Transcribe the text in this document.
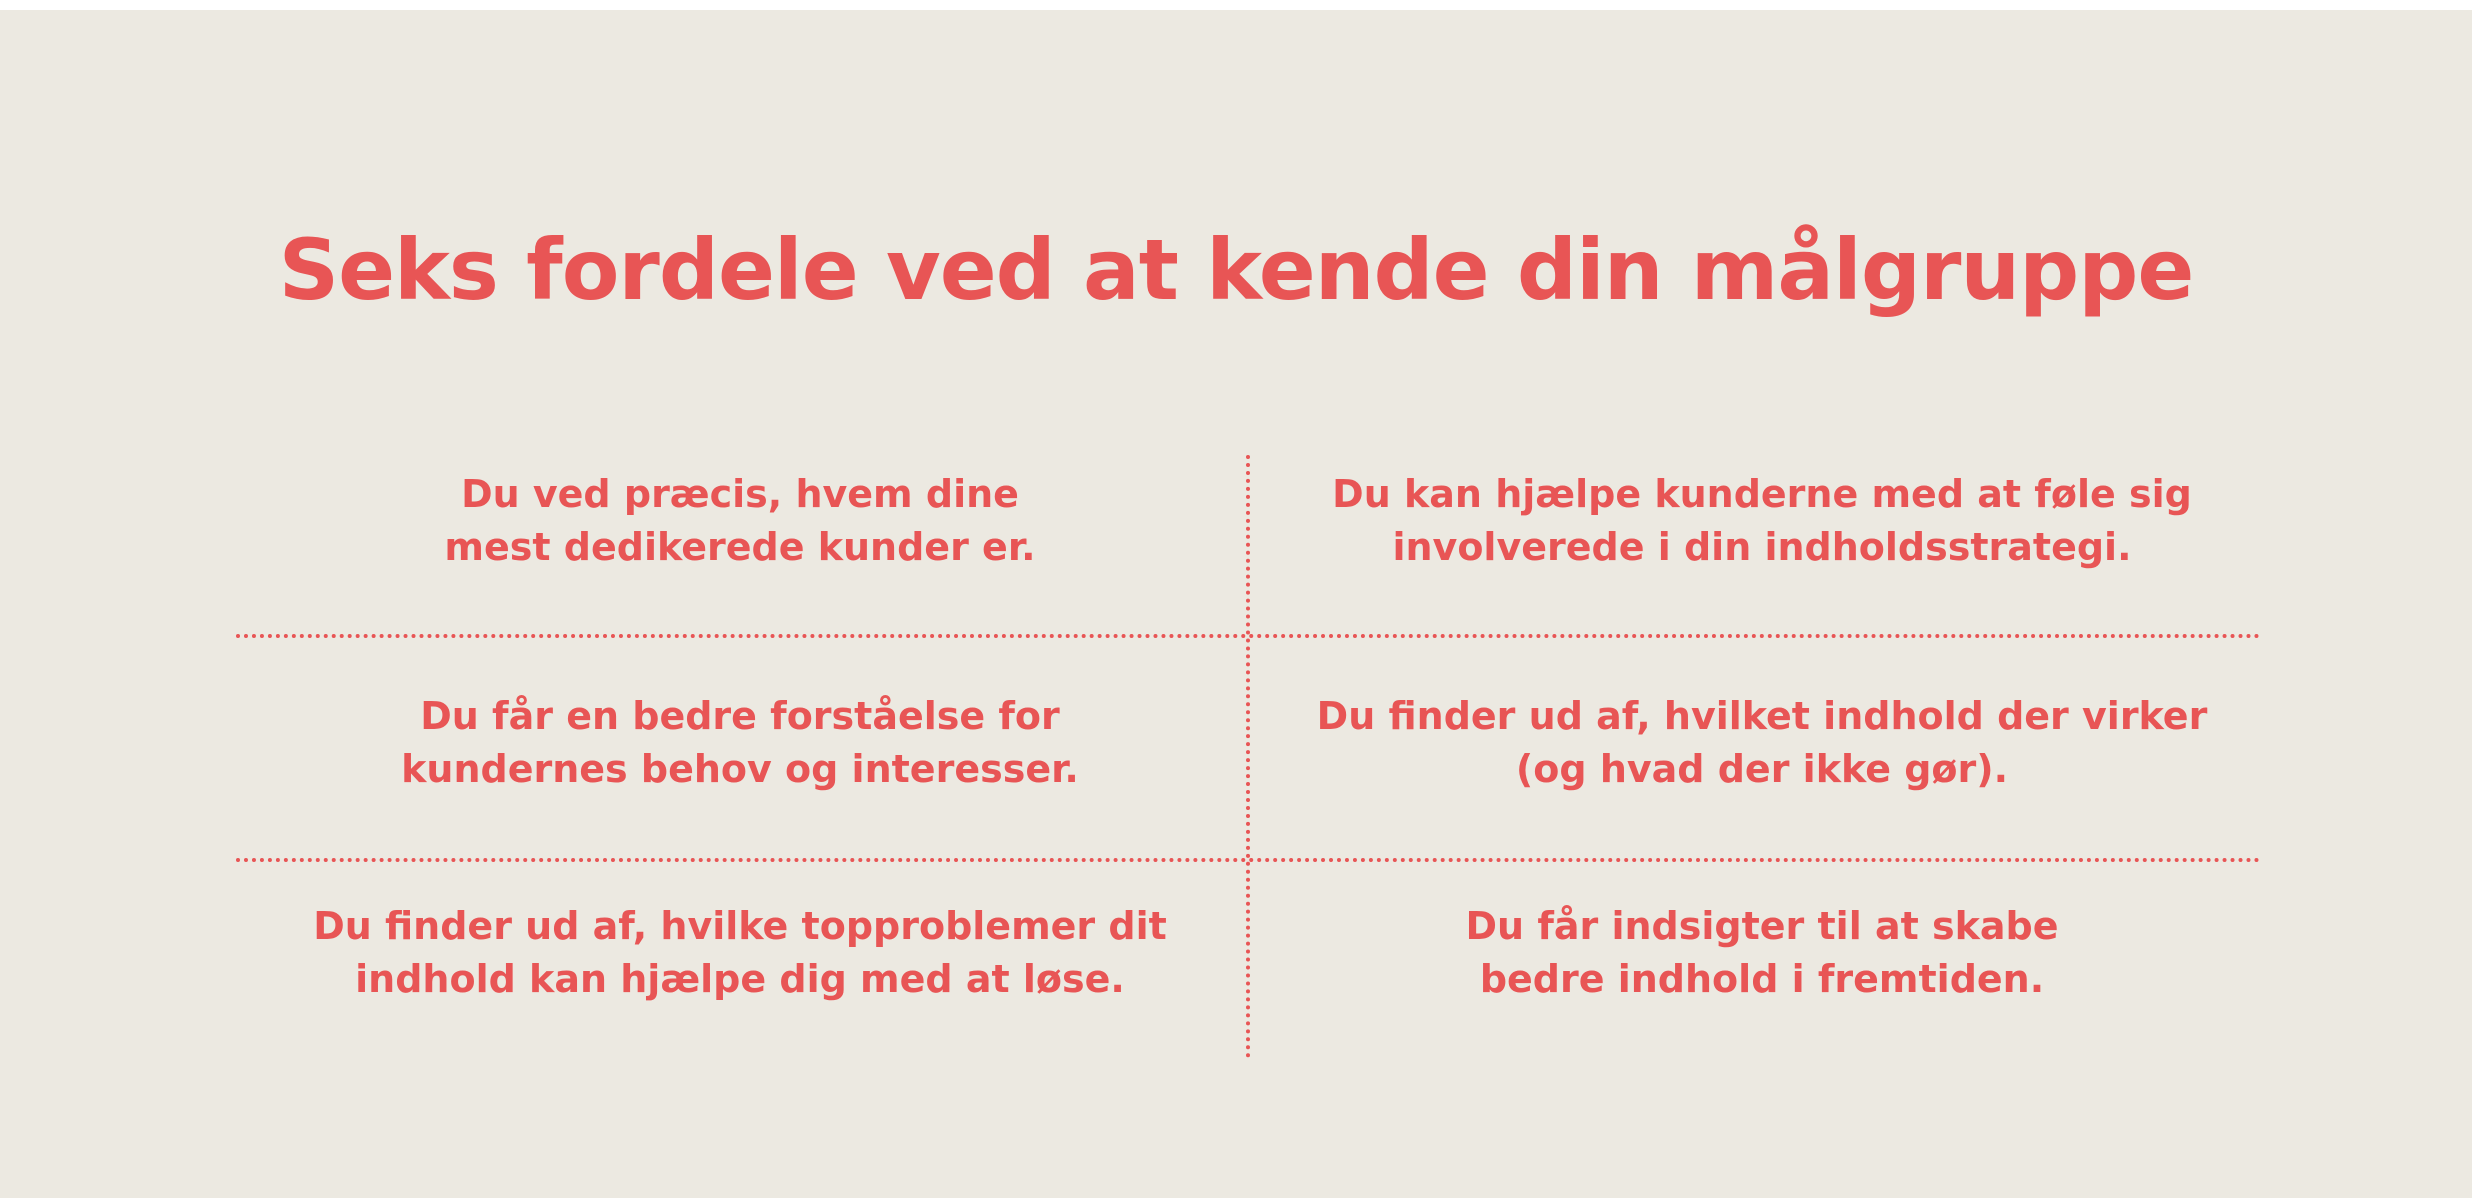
Seks fordele ved at kende din målgruppe
Du ved præcis, hvem dine
mest dedikerede kunder er.
Du kan hjælpe kunderne med at føle sig
involverede i din indholdsstrategi.
Du får en bedre forståelse for
kundernes behov og interesser.
Du finder ud af, hvilket indhold der virker
(og hvad der ikke gør).
Du finder ud af, hvilke topproblemer dit
indhold kan hjælpe dig med at løse.
Du får indsigter til at skabe
bedre indhold i fremtiden.
